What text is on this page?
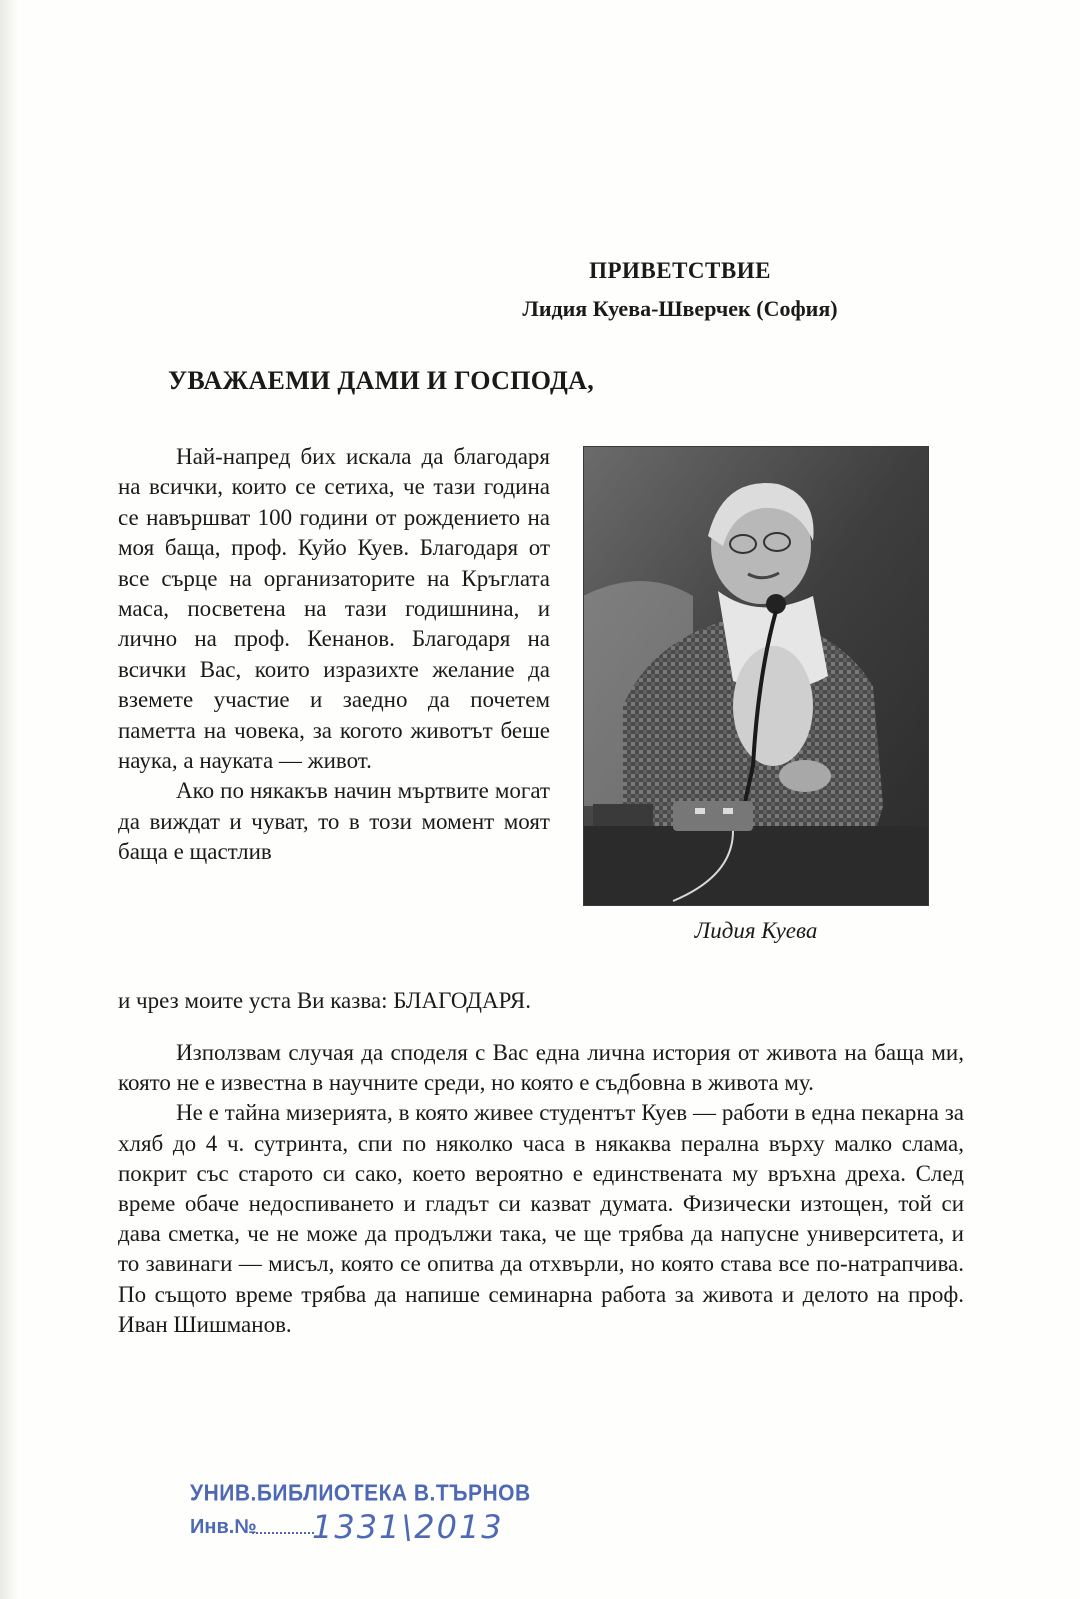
ПРИВЕТСТВИЕ
Лидия Куева-Шверчек (София)
УВАЖАЕМИ ДАМИ И ГОСПОДА,

Най-напред бих искала да благодаря на всички, които се сетиха, че тази година се навършват 100 години от рождението на моя баща, проф. Куйо Куев. Благодаря от все сърце на организаторите на Кръглата маса, посветена на тази годишнина, и лично на проф. Кенанов. Благодаря на всички Вас, които изразихте желание да вземете участие и заедно да почетем паметта на човека, за когото животът беше наука, а науката — живот.

Ако по някакъв начин мъртвите могат да виждат и чуват, то в този момент моят баща е щастлив

и чрез моите уста Ви казва: БЛАГОДАРЯ.
Лидия Куева

Използвам случая да споделя с Вас една лична история от живота на баща ми, която не е известна в научните среди, но която е съдбовна в живота му.

Не е тайна мизерията, в която живее студентът Куев — работи в една пекарна за хляб до 4 ч. сутринта, спи по няколко часа в някаква перална върху малко слама, покрит със старото си сако, което вероятно е единствената му връхна дреха. След време обаче недоспиването и гладът си казват думата. Физически изтощен, той си дава сметка, че не може да продължи така, че ще трябва да напусне университета, и то завинаги — мисъл, която се опитва да отхвърли, но която става все по-натрапчива. По същото време трябва да напише семинарна работа за живота и делото на проф. Иван Шишманов.

УНИВ.БИБЛИОТЕКА В.ТЪРНОВ
Инв.№ 1331\2013
